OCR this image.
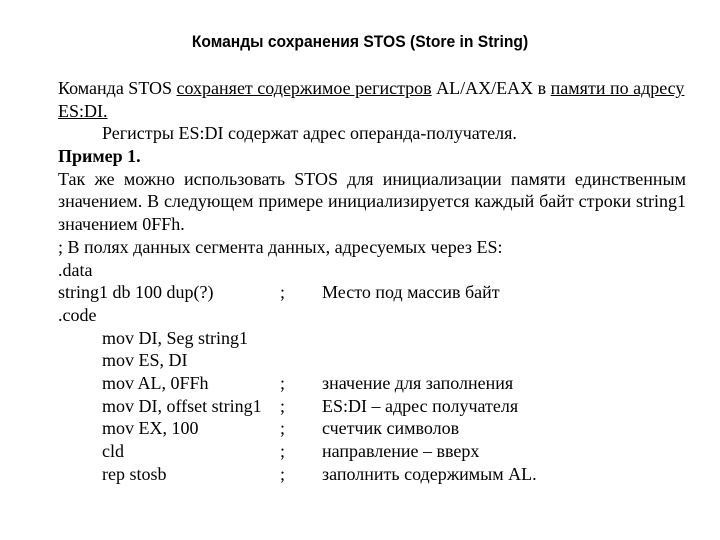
Команды сохранения STOS (Store in String)
Команда STOS сохраняет содержимое регистров AL/AX/EAX в памяти по адресу
ES:DI.
Регистры ES:DI содержат адрес операнда-получателя.
Пример 1.
Так же можно использовать STOS для инициализации памяти единственным
значением. В следующем примере инициализируется каждый байт строки string1
значением 0FFh.
; В полях данных сегмента данных, адресуемых через ES:
.data
string1 db 100 dup(?)	; Место под массив байт
.code
mov DI, Seg string1
mov ES, DI
mov AL, 0FFh	; значение для заполнения
mov DI, offset string1 ; ES:DI – адрес получателя
mov EX, 100	; счетчик символов
cld	; направление – вверх
rep stosb	; заполнить содержимым AL.
